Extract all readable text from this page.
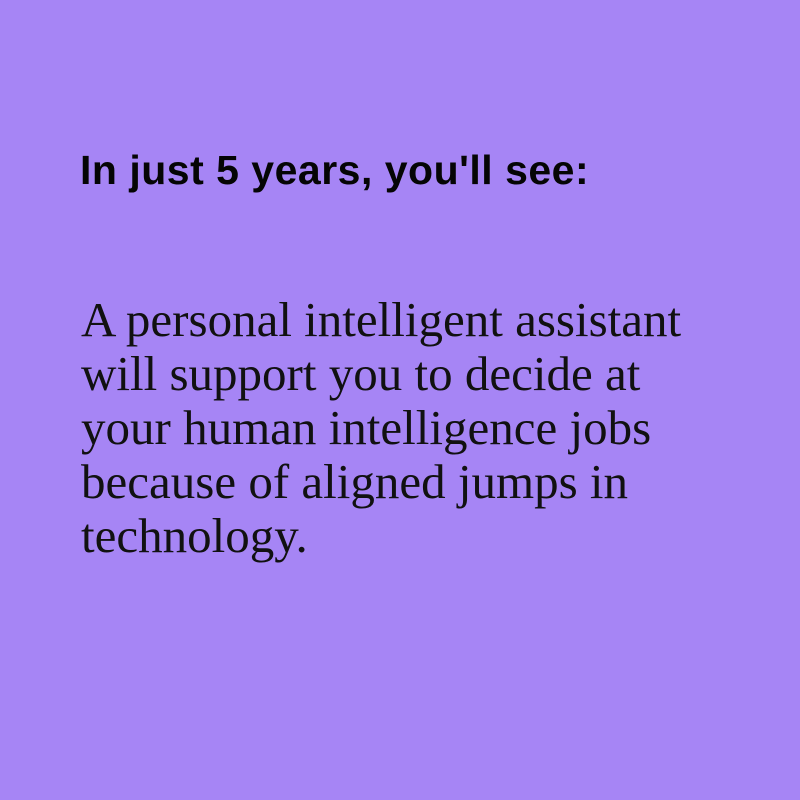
In just 5 years, you'll see:

A personal intelligent assistant will support you to decide at your human intelligence jobs because of aligned jumps in technology.
